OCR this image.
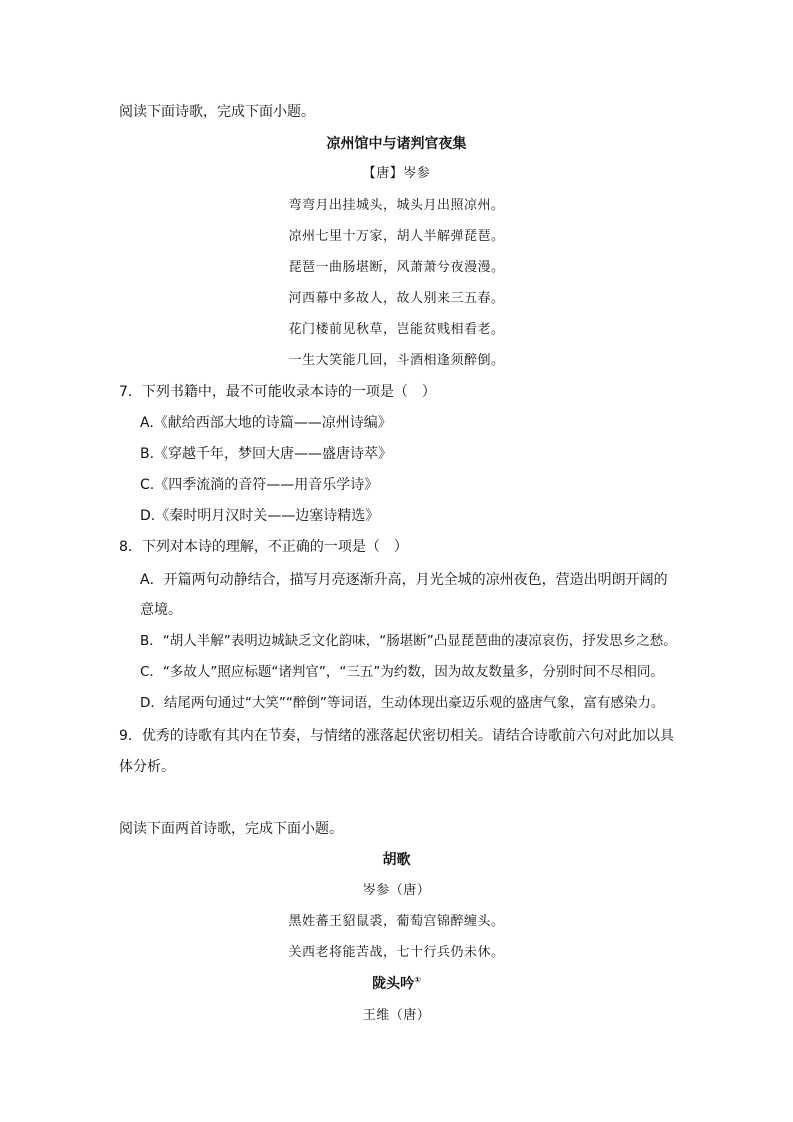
阅读下面诗歌，完成下面小题。
凉州馆中与诸判官夜集
【唐】岑参
弯弯月出挂城头，城头月出照凉州。
凉州七里十万家，胡人半解弹琵琶。
琵琶一曲肠堪断，风萧萧兮夜漫漫。
河西幕中多故人，故人别来三五春。
花门楼前见秋草，岂能贫贱相看老。
一生大笑能几回，斗酒相逢须醉倒。
7．下列书籍中，最不可能收录本诗的一项是（　）
A.《献给西部大地的诗篇——凉州诗编》
B.《穿越千年，梦回大唐——盛唐诗萃》
C.《四季流淌的音符——用音乐学诗》
D.《秦时明月汉时关——边塞诗精选》
8．下列对本诗的理解，不正确的一项是（　）
A．开篇两句动静结合，描写月亮逐渐升高，月光全城的凉州夜色，营造出明朗开阔的
意境。
B．“胡人半解”表明边城缺乏文化韵味，“肠堪断”凸显琵琶曲的凄凉哀伤，抒发思乡之愁。
C．“多故人”照应标题“诸判官”，“三五”为约数，因为故友数量多，分别时间不尽相同。
D．结尾两句通过“大笑”“醉倒”等词语，生动体现出豪迈乐观的盛唐气象，富有感染力。
9．优秀的诗歌有其内在节奏，与情绪的涨落起伏密切相关。请结合诗歌前六句对此加以具
体分析。
阅读下面两首诗歌，完成下面小题。
胡歌
岑参（唐）
黑姓蕃王貂鼠裘，葡萄宫锦醉缠头。
关西老将能苦战，七十行兵仍未休。
陇头吟①
王维（唐）
